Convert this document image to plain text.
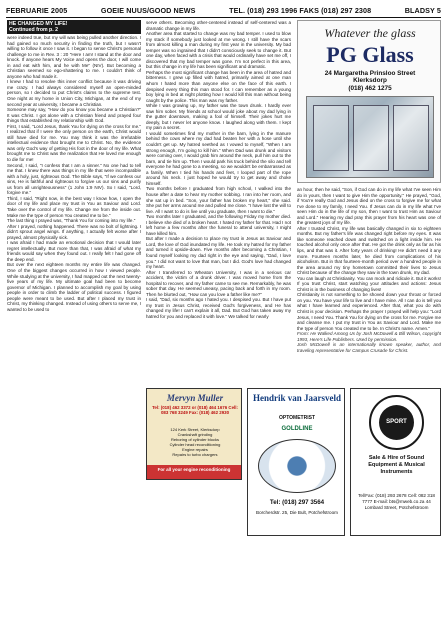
FEBRUARIE 2005	GOEIE NUUS/GOOD NEWS	TEL. (018) 293 1996 FAKS (018) 297 2308	BLADSY 5
HE CHANGED MY LIFE!
Continued from p. 2

were indeed true, but my will was being pulled another direction. I had gained so much security in finding the truth, but I wasn't willing to follow it once I saw it. I began to sense Christ's personal challenge to me in Rev. 3 : 20 "Here I am! I stand at the door and knock. If anyone hears My Voice and opens the door, I will come in and eat with him, and he with Me" (NIV). But becoming a Christian seemed so ego-shattering to me. I couldn't think of anyone who had made it.

I knew I had to resolve this inner conflict because it was driving me crazy. I had always considered myself an open-minded person, so I decided to put Christ's claims to the supreme test. One night at my home in Union City, Michigan, at the end of my second year at university, I became a Christian.

Someone may say, "How do you know you became a Christian?" It was Christ. I got alone with a Christian friend and prayed four things that established my relationship with God.

First, I said, "Lord Jesus, thank You for dying on the cross for me." I realized that if I were the only person on the earth, Christ would still have died for me. You may think it was the irrefutable intellectual evidence that brought me to Christ. No, the evidence was only God's way of getting His foot in the door of my life. What brought me to Christ was the realization that He loved me enough to die for me!

Second, I said, "I confess that I am a sinner." No one had to tell me that. I knew there was things in my life that were incompatible with a holy, just, righteous God. The Bible says, "If we confess our sins, He is faithful and righteous to forgive us our sins and purify us from all unrighteousness" (1 John 1:9 NIV). So I said, "Lord, forgive me."

Third, I said, "Right now, in the best way I know how, I open the door of my life and place my trust in You as Saviour and Lord. Take over the control of my life. Change me from the inside out. Make me the type of person You created me to be."

The last thing I prayed was, "Thank You for coming into my life."

After I prayed, nothing happened. There was no bolt of lightning. I didn't sprout angel wings. If anything, I actually felt worse after I prayed, almost physically sick.

I was afraid I had made an emotional decision that I would later regret intellectually. But more than that, I was afraid of what my friends would say when they found out. I really felt I had gone off the deep end.

But over the next eighteen months my entire life was changed. One of the biggest changes occurred in how I viewed people. While studying at the university, I had mapped out the next twenty-five years of my life. My ultimate goal had been to become governor of Michigan. I planned to accomplish my goal by using people in order to climb the ladder of political success. I figured people were meant to be used. But after I placed my trust in Christ, my thinking changed. Instead of using others to serve me, I wanted to be used to

serve others. Becoming other-centered instead of self-centered was a dramatic change in my life.

Another area that started to change was my bad temper. I used to blow my stack if somebody just looked at me wrong. I still have the scars from almost killing a man during my first year in the university. My bad temper was so ingrained that I didn't consciously seek to change it. But one day, when faced with a crisis that would ordinarily have set me off, I discovered that my bad temper was gone. I'm not perfect in this area, but this change in my life has been significant and dramatic.

Perhaps the most significant change has been in the area of hatred and bitterness. I grew up filled with hatred, primarily aimed at one man whom I hated more than anyone else on the face of this earth. I despised every thing this man stood for. I can remember as a young boy lying in bed at night plotting how I would kill this man without being caught by the police. This man was my father.

While I was growing up, my father was the town drunk. I hardly ever saw him sober. My friends at school would joke about my dad lying in the gutter downtown, making a fool of himself. Their jokes hurt me deeply, but I never let anyone know. I laughed along with them. I kept my pain a secret.

I would sometimes find my mother in the barn, lying in the manure behind the cows where my dad had beaten her with a hose until she couldn't get up. My hatred seethed as I vowed to myself, "When I am strong enough, I'm going to kill him." When Dad was drunk and visitors were coming over, I would grab him around the neck, pull him out to the barn, and tie him up. Then I would park his truck behind the silo and tell everyone he had gone to a meeting, so we wouldn't be embarrassed as a family. When I tied his hands and feet, I looped part of the rope around his neck. I just hoped he would try to get away and choke himself.

Two months before I graduated from high school, I walked into the house after a date to hear my mother sobbing. I ran into her room, and she sat up in bed. "Son, your father has broken my heart," she said. She put her arms around me and pulled me close. "I have lost the will to live. All I want to do is live until you graduate, then I want to die."

Two months later I graduated, and the following Friday my mother died. I believe she died of a broken heart. I hated my father for that. Had I not left home a few months after the funeral to attend university, I might have killed him.

But after I made a decision to place my trust in Jesus as Saviour and Lord, the love of God inundated my life. He took my hatred for my father and turned it upside-down. Five months after becoming a Christian, I found myself looking my dad right in the eye and saying, "Dad, I love you." I did not want to love that man, but I did. God's love had changed my heart.

After I transferred to Wheaton University, I was in a serious car accident, the victim of a drunk driver. I was moved home from the hospital to recover, and my father came to see me. Remarkably, he was sober that day. He seemed uneasy, pacing back and forth in my room. Then he blurted out, "How can you love a father like me?"

I said, "Dad, six months ago I hated you. I despised you. But I have put my trust in Jesus Christ, received God's forgiveness, and He has changed my life! I can't explain it all, Dad. But God has taken away my hatred for you and replaced it with love." We talked for nearly

Whatever the glass
PG Glass
24 Margaretha Prinsloo Street
Klerksdorp
(018) 462 1275

an hour, then he said, "Son, if God can do in my life what I've seen Him do in yours, then I want to give Him the opportunity." He prayed, "God, if You're really God and Jesus died on the cross to forgive me for what I've done to my family, I need You. If Jesus can do in my life what I've seen Him do in the life of my son, then I want to trust Him as Saviour and Lord." Hearing my dad pray this prayer from his heart was one of the greatest joys of my life.

After I trusted Christ, my life was basically changed in six to eighteen months. But my father's life was changed right before my eyes. It was like someone reached down and switched on a light inside him. He touched alcohol only once after that. He got the drink only as far as his lips, and that was it. After forty years of drinking! He didn't need it any more. Fourteen months later, he died from complications of his alcoholism. But in that fourteen-month period over a hundred people in the area around my tiny hometown committed their lives to Jesus Christ because of the change they saw in the town drunk, my dad.

You can laugh at Christianity. You can mock and ridicule it. But it works! If you trust Christ, start watching your attitudes and actions: Jesus Christ is in the business of changing lives!

Christianity is not something to be shoved down your throat or forced on you. You have your life to live and I have mine. All I can do is tell you what I have learned and experienced. After that, what you do with Christ is your decision. Perhaps the prayer I prayed will help you: "Lord Jesus, I need You. Thank You for dying on the cross for me. Forgive me and cleanse me. I put my trust in You as Saviour and Lord. Make me the type of person You created me to be. In Christ's name. Amen."

From: He Walked Among Us by Josh McDowell & Bill Wilson, copyright 1993, Here's Life Publishers. Used by permission.

Josh McDowell is an internationally known speaker, author, and traveling representative for Campus Crusade for Christ.

Mervyn Muller
Tel: (018) 462 3372 or (018) 464 1676 Cell: 083 768 3249 Fax: (018) 462 2930
124 Kerk Street, Klerksdorp
Crankshaft grinding
Reboring of cylinder blocks
Cylinder head reconditioning
Engine repairs
Repairs to turbo chargers
For all your engine reconditioning
Hendrik van Jaarsveld
OPTOMETRIST
GOLDLINE
Tel: (018) 297 3564
Borcherdstr. 25, Die Bult, Potchefstroom
SPORT
Sale & Hire of Sound Equipment & Musical Instruments
Tel/Fax: (018) 293 2678 Cell: 082 318 7777 E-mail: bts@mweb.co.za 44 Lombard Street, Potchefstroom
